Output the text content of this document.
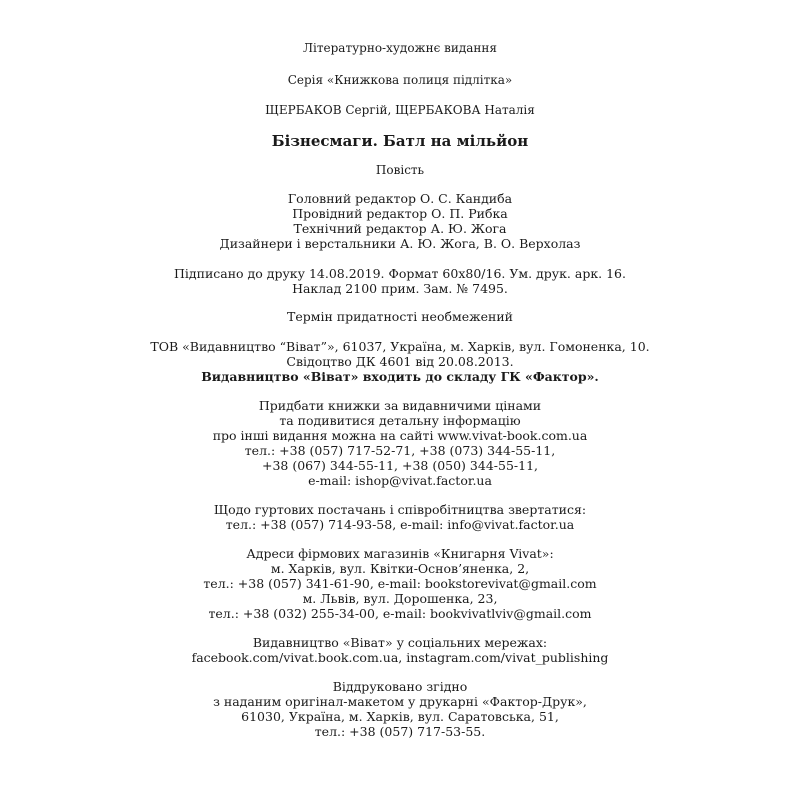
Літературно-художнє видання
Серія «Книжкова полиця підлітка»
ЩЕРБАКОВ Сергій, ЩЕРБАКОВА Наталія
Бізнесмаги. Батл на мільйон
Повість
Головний редактор О. С. Кандиба
Провідний редактор О. П. Рибка
Технічний редактор А. Ю. Жога
Дизайнери і верстальники А. Ю. Жога, В. О. Верхолаз
Підписано до друку 14.08.2019. Формат 60х80/16. Ум. друк. арк. 16.
Наклад 2100 прим. Зам. № 7495.
Термін придатності необмежений
ТОВ «Видавництво “Віват”», 61037, Україна, м. Харків, вул. Гомоненка, 10.
Свідоцтво ДК 4601 від 20.08.2013.
Видавництво «Віват» входить до складу ГК «Фактор».
Придбати книжки за видавничими цінами
та подивитися детальну інформацію
про інші видання можна на сайті www.vivat-book.com.ua
тел.: +38 (057) 717-52-71, +38 (073) 344-55-11,
+38 (067) 344-55-11, +38 (050) 344-55-11,
e-mail: ishop@vivat.factor.ua
Щодо гуртових постачань і співробітництва звертатися:
тел.: +38 (057) 714-93-58, e-mail: info@vivat.factor.ua
Адреси фірмових магазинів «Книгарня Vivat»:
м. Харків, вул. Квітки-Основ’яненка, 2,
тел.: +38 (057) 341-61-90, e-mail: bookstorevivat@gmail.com
м. Львів, вул. Дорошенка, 23,
тел.: +38 (032) 255-34-00, e-mail: bookvivatlviv@gmail.com
Видавництво «Віват» у соціальних мережах:
facebook.com/vivat.book.com.ua, instagram.com/vivat_publishing
Віддруковано згідно
з наданим оригінал-макетом у друкарні «Фактор-Друк»,
61030, Україна, м. Харків, вул. Саратовська, 51,
тел.: +38 (057) 717-53-55.
